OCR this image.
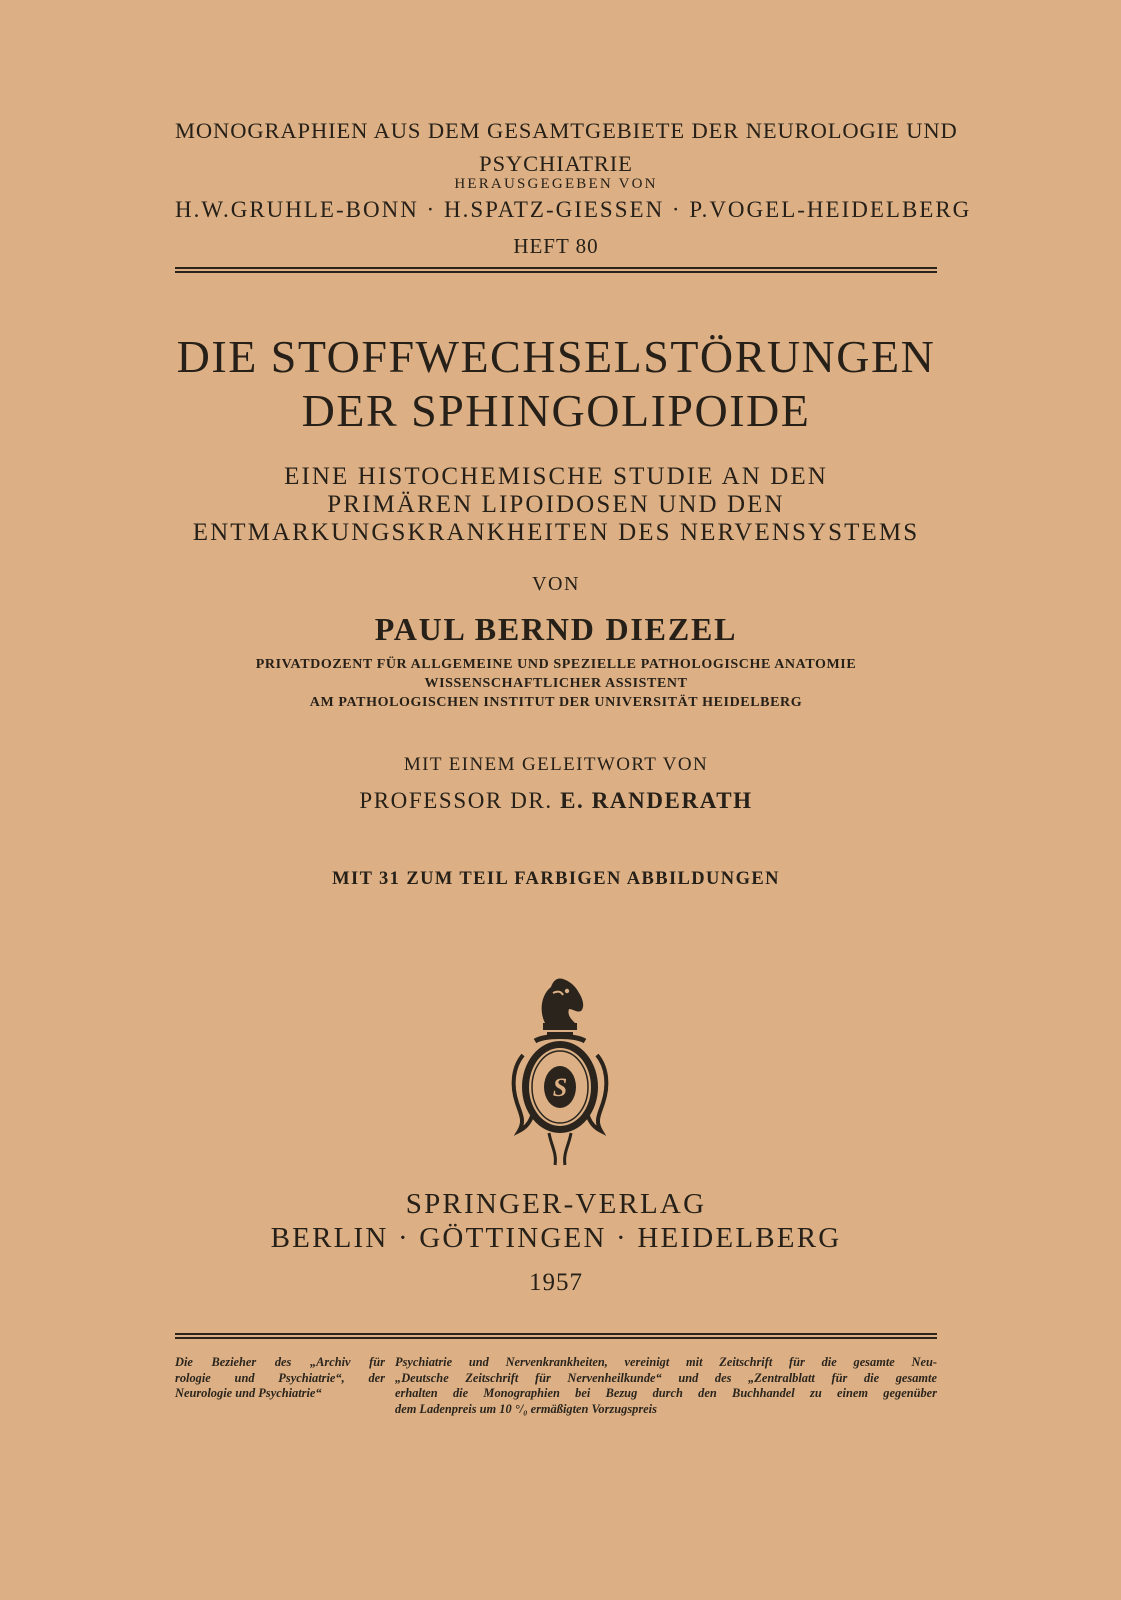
MONOGRAPHIEN AUS DEM GESAMTGEBIETE DER NEUROLOGIE UND
PSYCHIATRIE
HERAUSGEGEBEN VON
H.W.GRUHLE-BONN · H.SPATZ-GIESSEN · P.VOGEL-HEIDELBERG
HEFT 80
DIE STOFFWECHSELSTÖRUNGEN
DER SPHINGOLIPOIDE
EINE HISTOCHEMISCHE STUDIE AN DEN
PRIMÄREN LIPOIDOSEN UND DEN
ENTMARKUNGSKRANKHEITEN DES NERVENSYSTEMS
VON
PAUL BERND DIEZEL
PRIVATDOZENT FÜR ALLGEMEINE UND SPEZIELLE PATHOLOGISCHE ANATOMIE
WISSENSCHAFTLICHER ASSISTENT
AM PATHOLOGISCHEN INSTITUT DER UNIVERSITÄT HEIDELBERG
MIT EINEM GELEITWORT VON
PROFESSOR DR. E. RANDERATH
MIT 31 ZUM TEIL FARBIGEN ABBILDUNGEN
S
SPRINGER-VERLAG
BERLIN · GÖTTINGEN · HEIDELBERG
1957
Die Bezieher des „Archiv für
rologie und Psychiatrie“, der
Neurologie und Psychiatrie“
Psychiatrie und Nervenkrankheiten, vereinigt mit Zeitschrift für die gesamte Neu-
„Deutsche Zeitschrift für Nervenheilkunde“ und des „Zentralblatt für die gesamte
erhalten die Monographien bei Bezug durch den Buchhandel zu einem gegenüber
dem Ladenpreis um 10 °/₀ ermäßigten Vorzugspreis
